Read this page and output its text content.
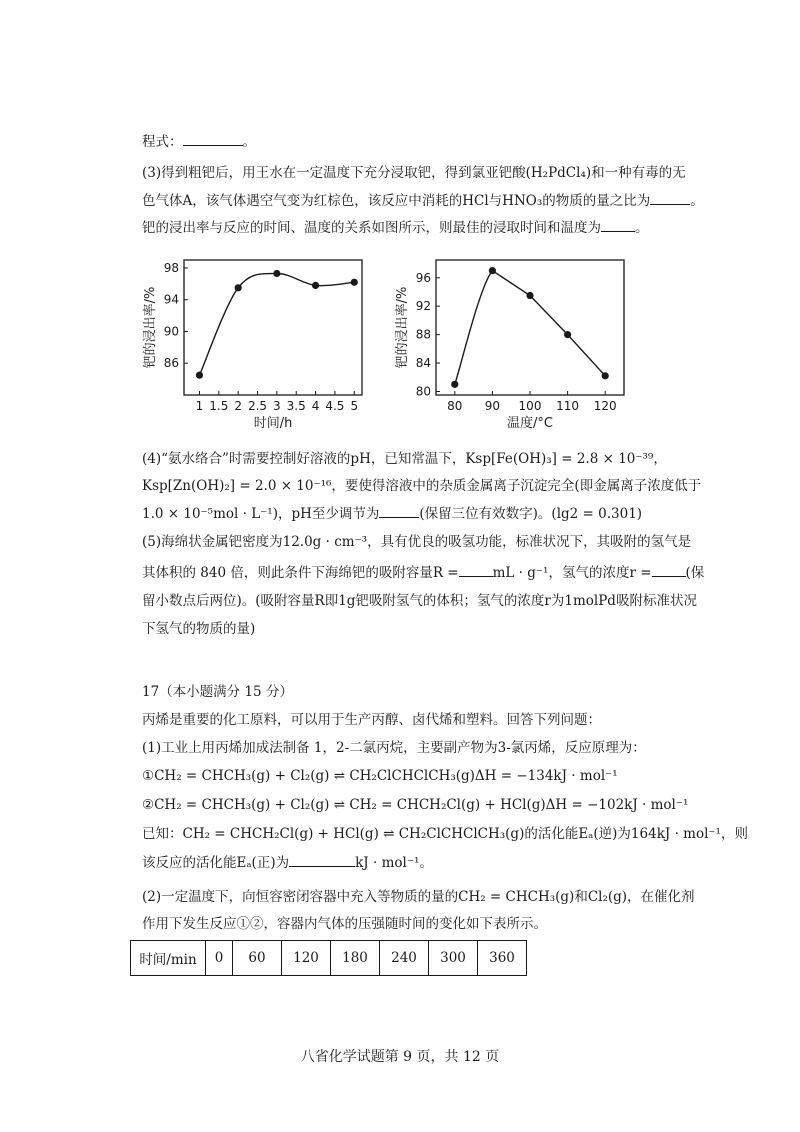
程式：	。
(3)得到粗钯后，用王水在一定温度下充分浸取钯，得到氯亚钯酸(H₂PdCl₄)和一种有毒的无
色气体A，该气体遇空气变为红棕色，该反应中消耗的HCl与HNO₃的物质的量之比为	。
钯的浸出率与反应的时间、温度的关系如图所示，则最佳的浸取时间和温度为	。
1 1.5 2 2.5 3 3.5 4 4.5 5
86
90
94
98
时间/h
钯的浸出率/%
80 90 100 110 120
80
84
88
92
96
温度/°C
钯的浸出率/%
(4)“氨水络合”时需要控制好溶液的pH，已知常温下，Ksp[Fe(OH)₃] = 2.8 × 10⁻³⁹，
Ksp[Zn(OH)₂] = 2.0 × 10⁻¹⁶，要使得溶液中的杂质金属离子沉淀完全(即金属离子浓度低于
1.0 × 10⁻⁵mol · L⁻¹)，pH至少调节为	(保留三位有效数字)。(lg2 = 0.301)
(5)海绵状金属钯密度为12.0g · cm⁻³，具有优良的吸氢功能，标准状况下，其吸附的氢气是
其体积的 840 倍，则此条件下海绵钯的吸附容量R =	mL · g⁻¹，氢气的浓度r =	(保
留小数点后两位)。(吸附容量R即1g钯吸附氢气的体积；氢气的浓度r为1molPd吸附标准状况
下氢气的物质的量)
17（本小题满分 15 分）
丙烯是重要的化工原料，可以用于生产丙醇、卤代烯和塑料。回答下列问题：
(1)工业上用丙烯加成法制备 1，2-二氯丙烷，主要副产物为3-氯丙烯，反应原理为：
①CH₂ = CHCH₃(g) + Cl₂(g) ⇌ CH₂ClCHClCH₃(g)ΔH = −134kJ · mol⁻¹
②CH₂ = CHCH₃(g) + Cl₂(g) ⇌ CH₂ = CHCH₂Cl(g) + HCl(g)ΔH = −102kJ · mol⁻¹
已知：CH₂ = CHCH₂Cl(g) + HCl(g) ⇌ CH₂ClCHClCH₃(g)的活化能Eₐ(逆)为164kJ · mol⁻¹，则
该反应的活化能Eₐ(正)为	kJ · mol⁻¹。
(2)一定温度下，向恒容密闭容器中充入等物质的量的CH₂ = CHCH₃(g)和Cl₂(g)，在催化剂
作用下发生反应①②，容器内气体的压强随时间的变化如下表所示。
时间/min	0	60	120	180	240	300	360
八省化学试题第 9 页，共 12 页
